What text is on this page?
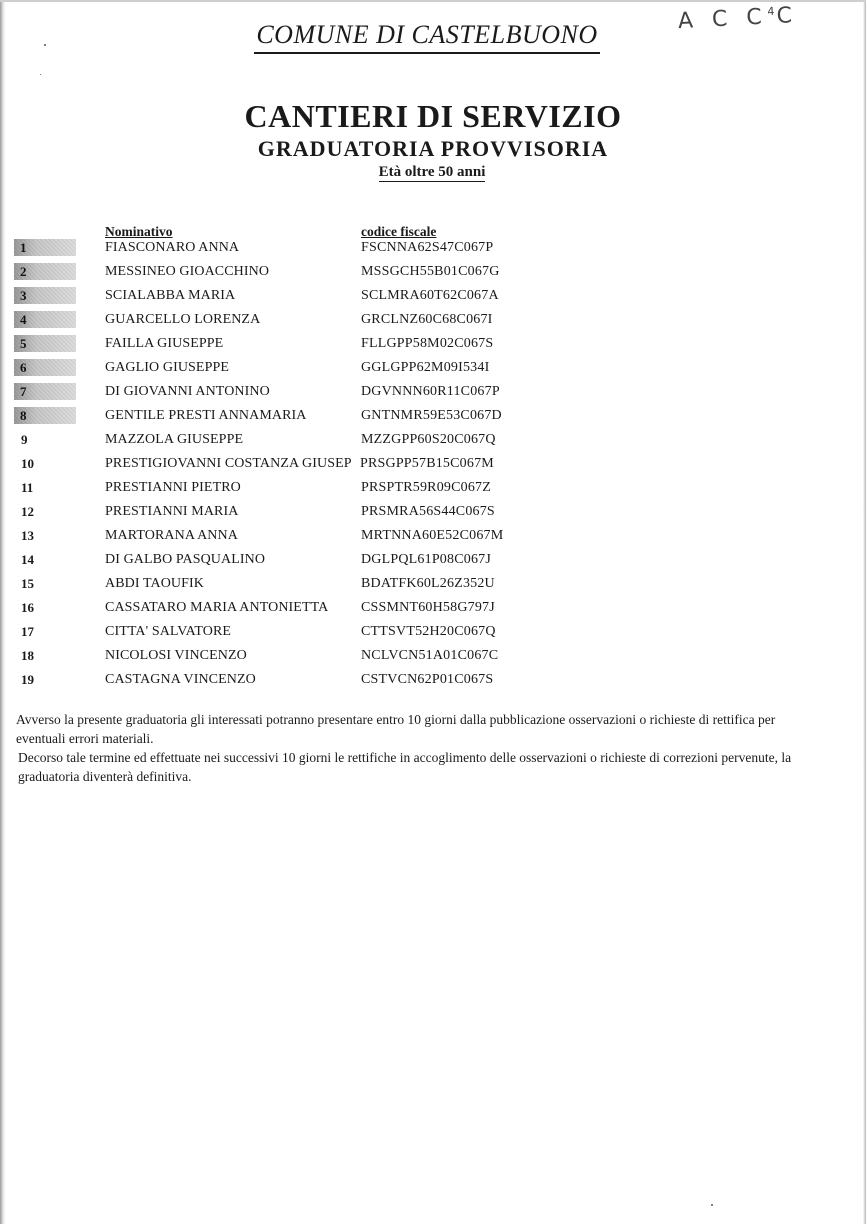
COMUNE DI CASTELBUONO
A C $C^4C$
CANTIERI DI SERVIZIO
GRADUATORIA PROVVISORIA
Età oltre 50 anni
Nominativo	codice fiscale
1	FIASCONARO ANNA	FSCNNA62S47C067P
2	MESSINEO GIOACCHINO	MSSGCH55B01C067G
3	SCIALABBA MARIA	SCLMRA60T62C067A
4	GUARCELLO LORENZA	GRCLNZ60C68C067I
5	FAILLA GIUSEPPE	FLLGPP58M02C067S
6	GAGLIO GIUSEPPE	GGLGPP62M09I534I
7	DI GIOVANNI ANTONINO	DGVNNN60R11C067P
8	GENTILE PRESTI ANNAMARIA	GNTNMR59E53C067D
9	MAZZOLA GIUSEPPE	MZZGPP60S20C067Q
10	PRESTIGIOVANNI COSTANZA GIUSEP PRSGPP57B15C067M
11	PRESTIANNI PIETRO	PRSPTR59R09C067Z
12	PRESTIANNI MARIA	PRSMRA56S44C067S
13	MARTORANA ANNA	MRTNNA60E52C067M
14	DI GALBO PASQUALINO	DGLPQL61P08C067J
15	ABDI TAOUFIK	BDATFK60L26Z352U
16	CASSATARO MARIA ANTONIETTA CSSMNT60H58G797J
17	CITTA' SALVATORE	CTTSVT52H20C067Q
18	NICOLOSI VINCENZO	NCLVCN51A01C067C
19	CASTAGNA VINCENZO	CSTVCN62P01C067S

Avverso la presente graduatoria gli interessati potranno presentare entro 10 giorni dalla pubblicazione osservazioni o richieste di rettifica per eventuali errori materiali.

Decorso tale termine ed effettuate nei successivi 10 giorni le rettifiche in accoglimento delle osservazioni o richieste di correzioni pervenute, la graduatoria diventerà definitiva.
